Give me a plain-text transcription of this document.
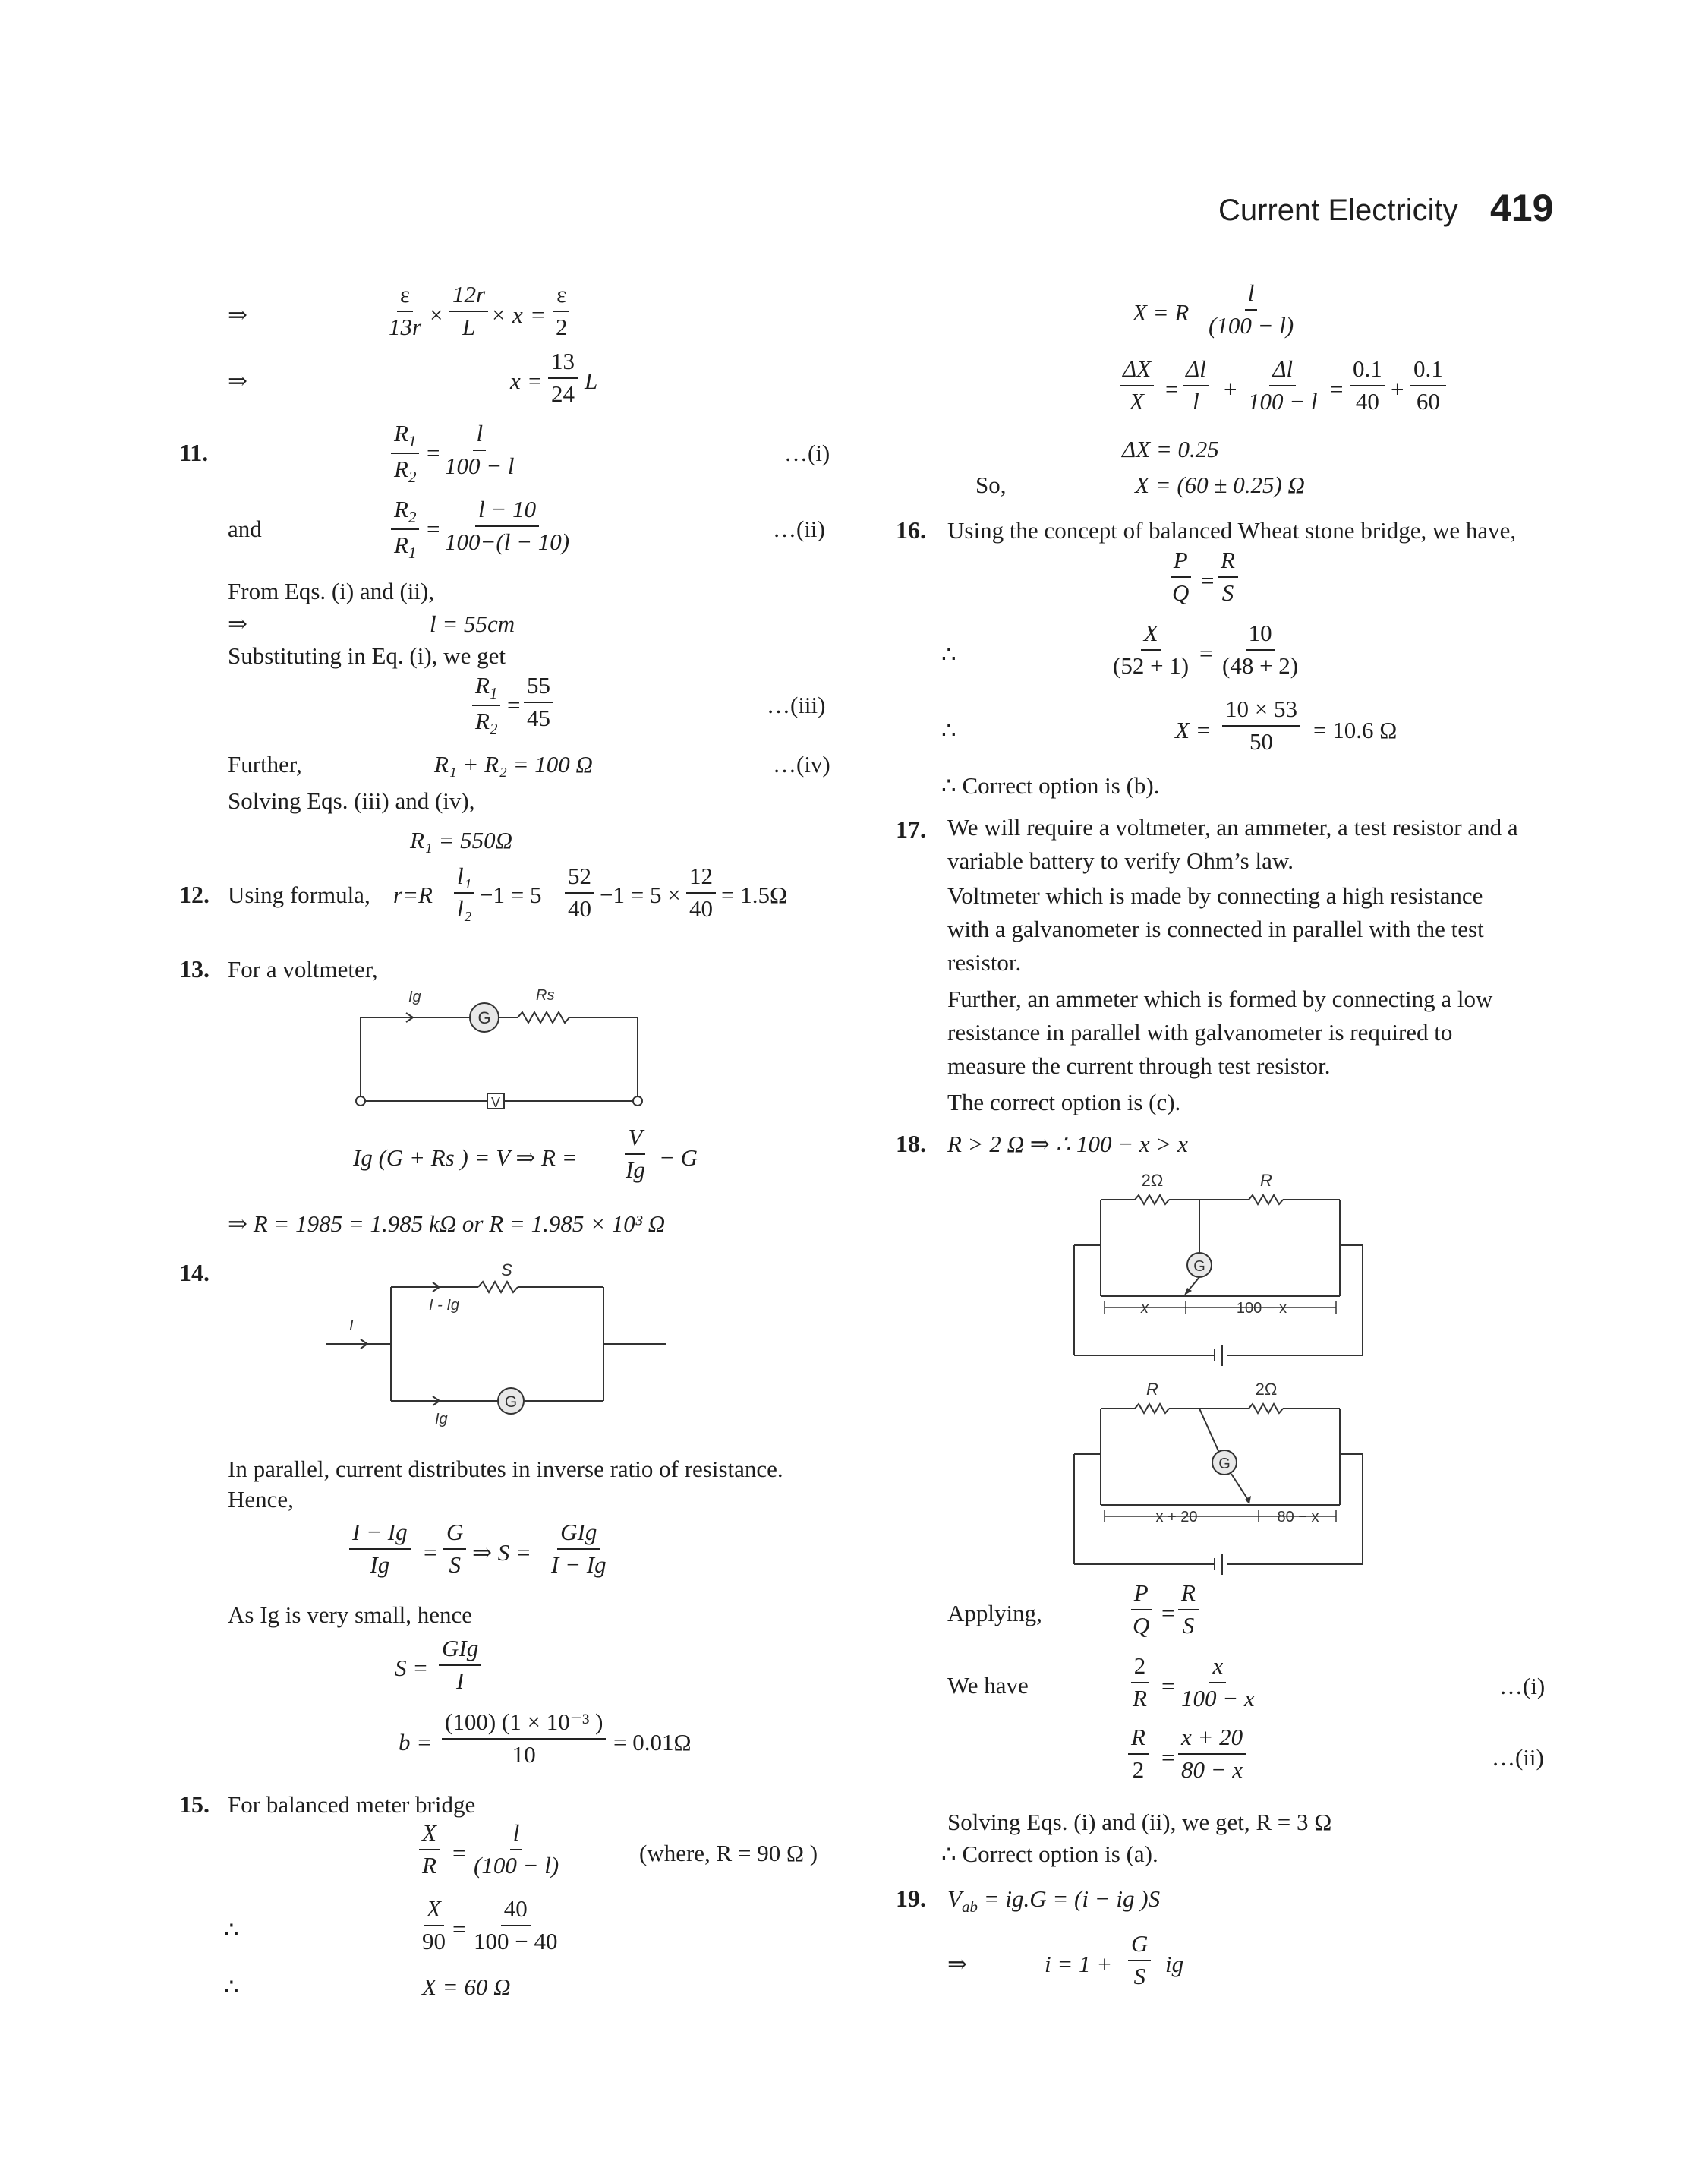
Current Electricity 419
⇒
ε
13r ×
12r
L × x =
ε
2
⇒	x =
13
24 L
11.
$R_1$
$R_2$
=
l
100 − l	…(i)
and
$R_2$
$R_1$
=
l − 10
100−(l − 10)	…(ii)
From Eqs. (i) and (ii),
⇒	l = 55cm
Substituting in Eq. (i), we get
$R_1$
$R_2$
=
55
45	…(iii)
Further,	R₁ + R₂ = 100 Ω	…(iv)
Solving Eqs. (iii) and (iv),
R₁ = 550Ω
12. Using formula, r=R
l₁
l₂
−1 = 5
52
40
−1 = 5 ×
12
40
= 1.5Ω
13. For a voltmeter,
G
V
Ig	Rs
Ig (G + Rs ) = V ⇒ R =
V
Ig − G
⇒ R = 1985 = 1.985 kΩ or R = 1.985 × 10³ Ω
14.
G
S
I - Ig
I
Ig
In parallel, current distributes in inverse ratio of resistance.
Hence,
I − Ig
Ig =
G
S ⇒ S =
GIg
I − Ig
As Ig is very small, hence
S =
GIg
I
b =
(100) (1 × 10⁻³ )
10	= 0.01Ω
15. For balanced meter bridge
X
R =
l
(100 − l)	(where, R = 90 Ω )
∴
X
90 =
40
100 − 40
∴	X = 60 Ω
X = R
l
(100 − l)
ΔX
X =
Δl
l +
Δl
100 − l =
0.1
40 +
0.1
60
ΔX = 0.25
So,	X = (60 ± 0.25) Ω
16. Using the concept of balanced Wheat stone bridge, we have,
P
Q =
R
S
∴
X
(52 + 1) =
10
(48 + 2)
∴	X =
10 × 53
50 = 10.6 Ω
∴ Correct option is (b).
17. We will require a voltmeter, an ammeter, a test resistor and a
variable battery to verify Ohm’s law.
Voltmeter which is made by connecting a high resistance
with a galvanometer is connected in parallel with the test
resistor.
Further, an ammeter which is formed by connecting a low
resistance in parallel with galvanometer is required to
measure the current through test resistor.
The correct option is (c).
18. R > 2 Ω ⇒ ∴ 100 − x > x
G
2Ω	R
x	100 − x
G
R	2Ω
x + 20	80 − x
Applying,
P
Q =
R
S
We have
2
R =
x
100 − x	…(i)
R
2 =
x + 20
80 − x	…(ii)
Solving Eqs. (i) and (ii), we get, R = 3 Ω
∴ Correct option is (a).
19. $V_{ab} = ig.G = (i$ − ig )S
⇒	i = 1 +
G
S ig
